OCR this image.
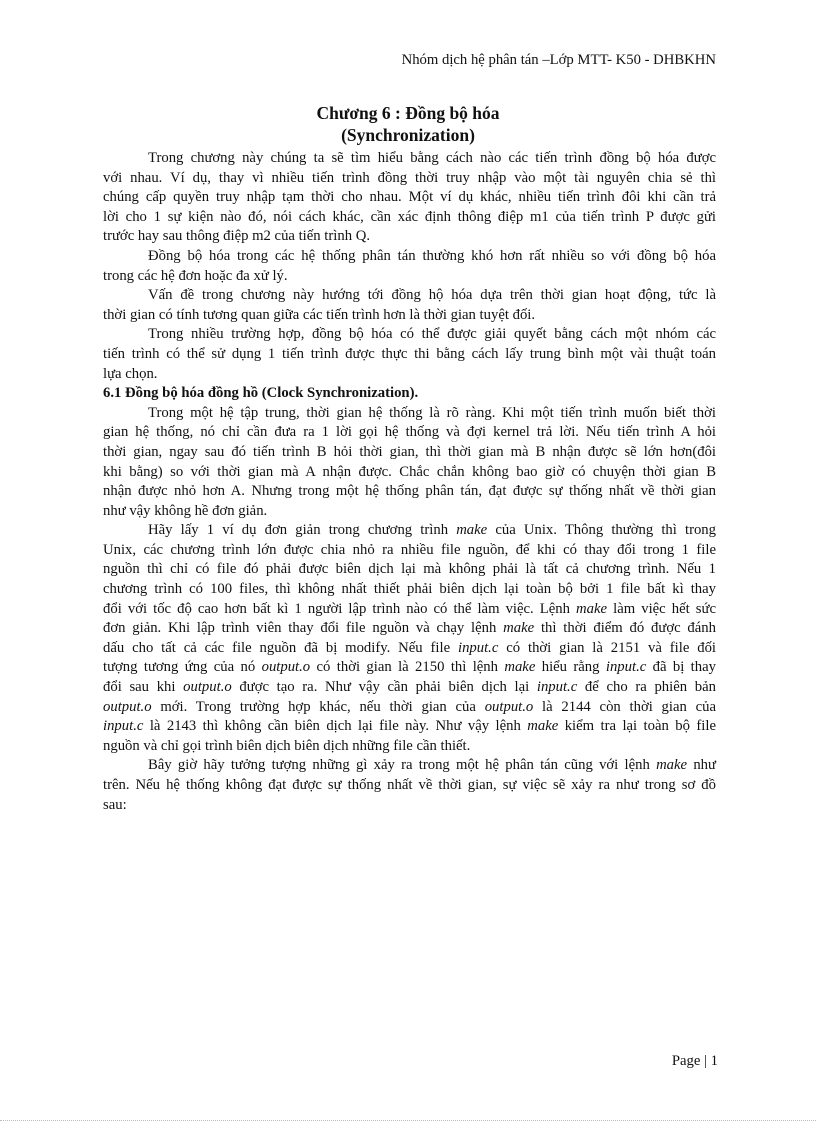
Nhóm dịch hệ phân tán –Lớp MTT- K50 - DHBKHN
Chương 6 : Đồng bộ hóa
(Synchronization)
Trong chương này chúng ta sẽ tìm hiểu bằng cách nào các tiến trình đồng bộ hóa được
với nhau. Ví dụ, thay vì nhiều tiến trình đồng thời truy nhập vào một tài nguyên chia sẻ thì
chúng cấp quyền truy nhập tạm thời cho nhau. Một ví dụ khác, nhiều tiến trình đôi khi cần trả
lời cho 1 sự kiện nào đó, nói cách khác, cần xác định thông điệp m1 của tiến trình P được gửi
trước hay sau thông điệp m2 của tiến trình Q.
Đồng bộ hóa trong các hệ thống phân tán thường khó hơn rất nhiều so với đồng bộ hóa
trong các hệ đơn hoặc đa xử lý.
Vấn đề trong chương này hướng tới đồng hộ hóa dựa trên thời gian hoạt động, tức là
thời gian có tính tương quan giữa các tiến trình hơn là thời gian tuyệt đối.
Trong nhiều trường hợp, đồng bộ hóa có thể được giải quyết bằng cách một nhóm các
tiến trình có thể sử dụng 1 tiến trình được thực thi bằng cách lấy trung bình một vài thuật toán
lựa chọn.
6.1 Đồng bộ hóa đồng hồ (Clock Synchronization).
Trong một hệ tập trung, thời gian hệ thống là rõ ràng. Khi một tiến trình muốn biết thời
gian hệ thống, nó chỉ cần đưa ra 1 lời gọi hệ thống và đợi kernel trả lời. Nếu tiến trình A hỏi
thời gian, ngay sau đó tiến trình B hỏi thời gian, thì thời gian mà B nhận được sẽ lớn hơn(đôi
khi bằng) so với thời gian mà A nhận được. Chắc chắn không bao giờ có chuyện thời gian B
nhận được nhỏ hơn A. Nhưng trong một hệ thống phân tán, đạt được sự thống nhất về thời gian
như vậy không hề đơn giản.
Hãy lấy 1 ví dụ đơn giản trong chương trình make của Unix. Thông thường thì trong
Unix, các chương trình lớn được chia nhỏ ra nhiều file nguồn, để khi có thay đổi trong 1 file
nguồn thì chỉ có file đó phải được biên dịch lại mà không phải là tất cả chương trình. Nếu 1
chương trình có 100 files, thì không nhất thiết phải biên dịch lại toàn bộ bởi 1 file bất kì thay
đổi với tốc độ cao hơn bất kì 1 người lập trình nào có thể làm việc. Lệnh make làm việc hết sức
đơn giản. Khi lập trình viên thay đổi file nguồn và chạy lệnh make thì thời điểm đó được đánh
dấu cho tất cả các file nguồn đã bị modify. Nếu file input.c có thời gian là 2151 và file đối
tượng tương ứng của nó output.o có thời gian là 2150 thì lệnh make hiểu rằng input.c đã bị thay
đổi sau khi output.o được tạo ra. Như vậy cần phải biên dịch lại input.c để cho ra phiên bản
output.o mới. Trong trường hợp khác, nếu thời gian của output.o là 2144 còn thời gian của
input.c là 2143 thì không cần biên dịch lại file này. Như vậy lệnh make kiểm tra lại toàn bộ file
nguồn và chỉ gọi trình biên dịch biên dịch những file cần thiết.
Bây giờ hãy tưởng tượng những gì xảy ra trong một hệ phân tán cũng với lệnh make như
trên. Nếu hệ thống không đạt được sự thống nhất về thời gian, sự việc sẽ xảy ra như trong sơ đồ
sau:
Page | 1
